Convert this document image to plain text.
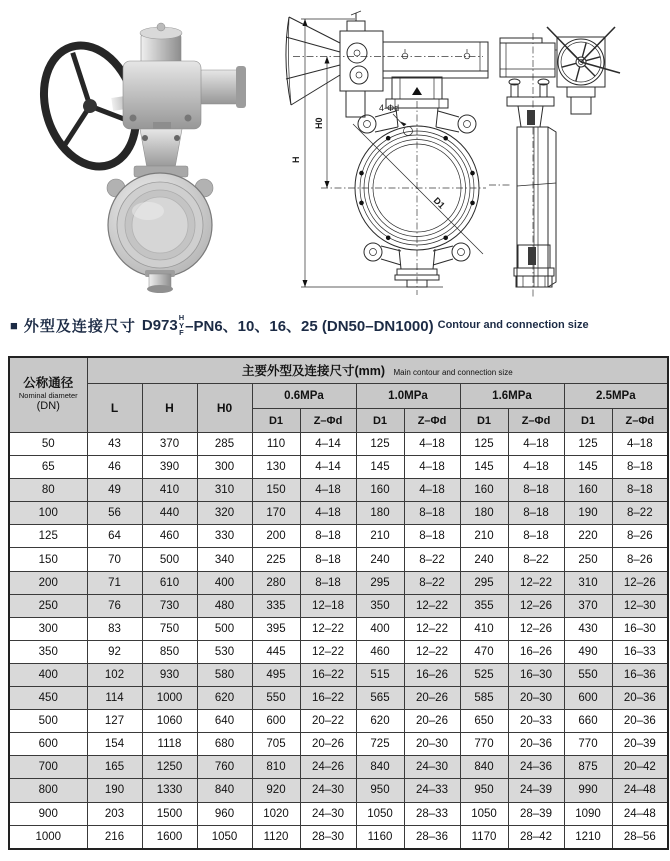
D1
4-Φd
H
H0
■ 外型及连接尺寸 D973 H
Y
F –PN6、10、16、25 (DN50–DN1000) Contour and connection size
公称通径
Nominal diameter
(DN)	主要外型及连接尺寸(mm) Main contour and connection size										
	L	H	H0	0.6MPa		1.0MPa		1.6MPa		2.5MPa	
				D1	Z–Φd	D1	Z–Φd	D1	Z–Φd	D1	Z–Φd
50	43	370	285	110	4–14	125	4–18	125	4–18	125	4–18
65	46	390	300	130	4–14	145	4–18	145	4–18	145	8–18
80	49	410	310	150	4–18	160	4–18	160	8–18	160	8–18
100	56	440	320	170	4–18	180	8–18	180	8–18	190	8–22
125	64	460	330	200	8–18	210	8–18	210	8–18	220	8–26
150	70	500	340	225	8–18	240	8–22	240	8–22	250	8–26
200	71	610	400	280	8–18	295	8–22	295	12–22	310	12–26
250	76	730	480	335	12–18	350	12–22	355	12–26	370	12–30
300	83	750	500	395	12–22	400	12–22	410	12–26	430	16–30
350	92	850	530	445	12–22	460	12–22	470	16–26	490	16–33
400	102	930	580	495	16–22	515	16–26	525	16–30	550	16–36
450	114	1000	620	550	16–22	565	20–26	585	20–30	600	20–36
500	127	1060	640	600	20–22	620	20–26	650	20–33	660	20–36
600	154	1118	680	705	20–26	725	20–30	770	20–36	770	20–39
700	165	1250	760	810	24–26	840	24–30	840	24–36	875	20–42
800	190	1330	840	920	24–30	950	24–33	950	24–39	990	24–48
900	203	1500	960	1020	24–30	1050	28–33	1050	28–39	1090	24–48
1000	216	1600	1050	1120	28–30	1160	28–36	1170	28–42	1210	28–56
